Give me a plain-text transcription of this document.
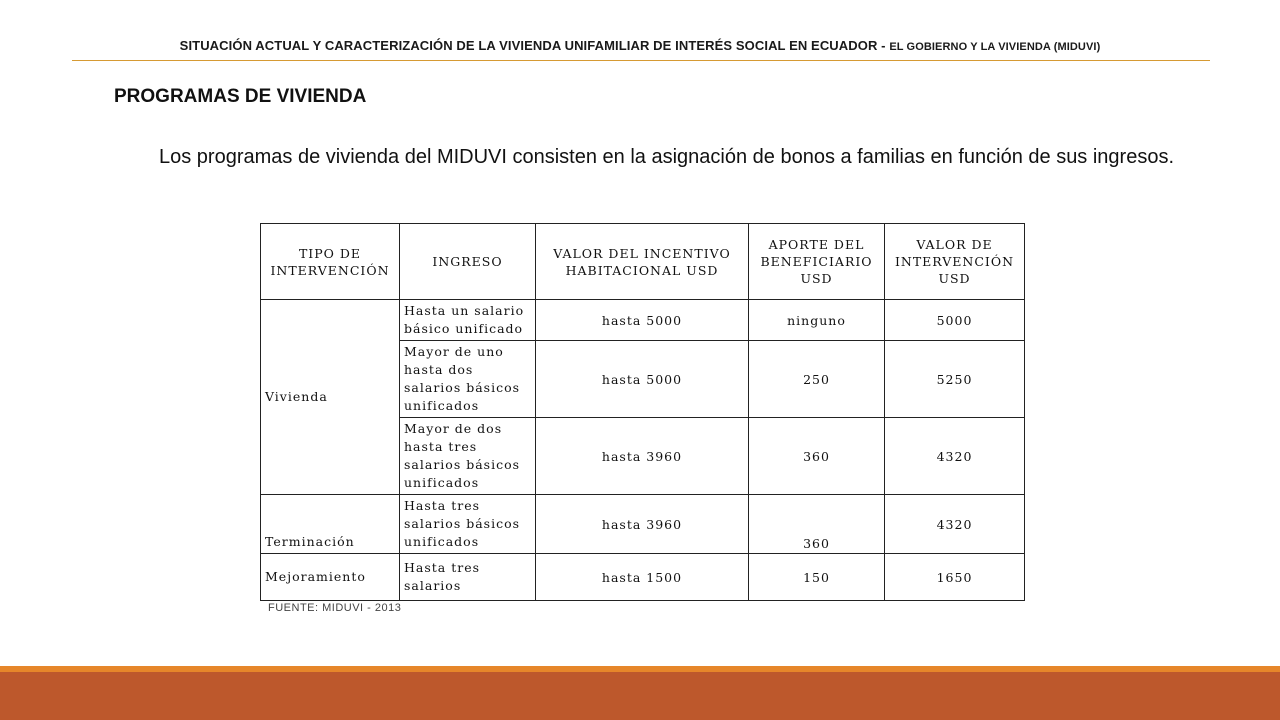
SITUACIÓN ACTUAL Y CARACTERIZACIÓN DE LA VIVIENDA UNIFAMILIAR DE INTERÉS SOCIAL EN ECUADOR - EL GOBIERNO Y LA VIVIENDA (MIDUVI)
PROGRAMAS DE VIVIENDA
Los programas de vivienda del MIDUVI consisten en la asignación de bonos a familias en función de sus ingresos.
TIPO DE INTERVENCIÓN	INGRESO	VALOR DEL INCENTIVO HABITACIONAL USD	APORTE DEL BENEFICIARIO USD	VALOR DE INTERVENCIÓN USD
Vivienda	Hasta un salario básico unificado	hasta 5000	ninguno	5000
	Mayor de uno hasta dos salarios básicos unificados	hasta 5000	250	5250
	Mayor de dos hasta tres salarios básicos unificados	hasta 3960	360	4320
Terminación	Hasta tres salarios básicos unificados	hasta 3960	360	4320
Mejoramiento	Hasta tres salarios	hasta 1500	150	1650
FUENTE: MIDUVI - 2013
